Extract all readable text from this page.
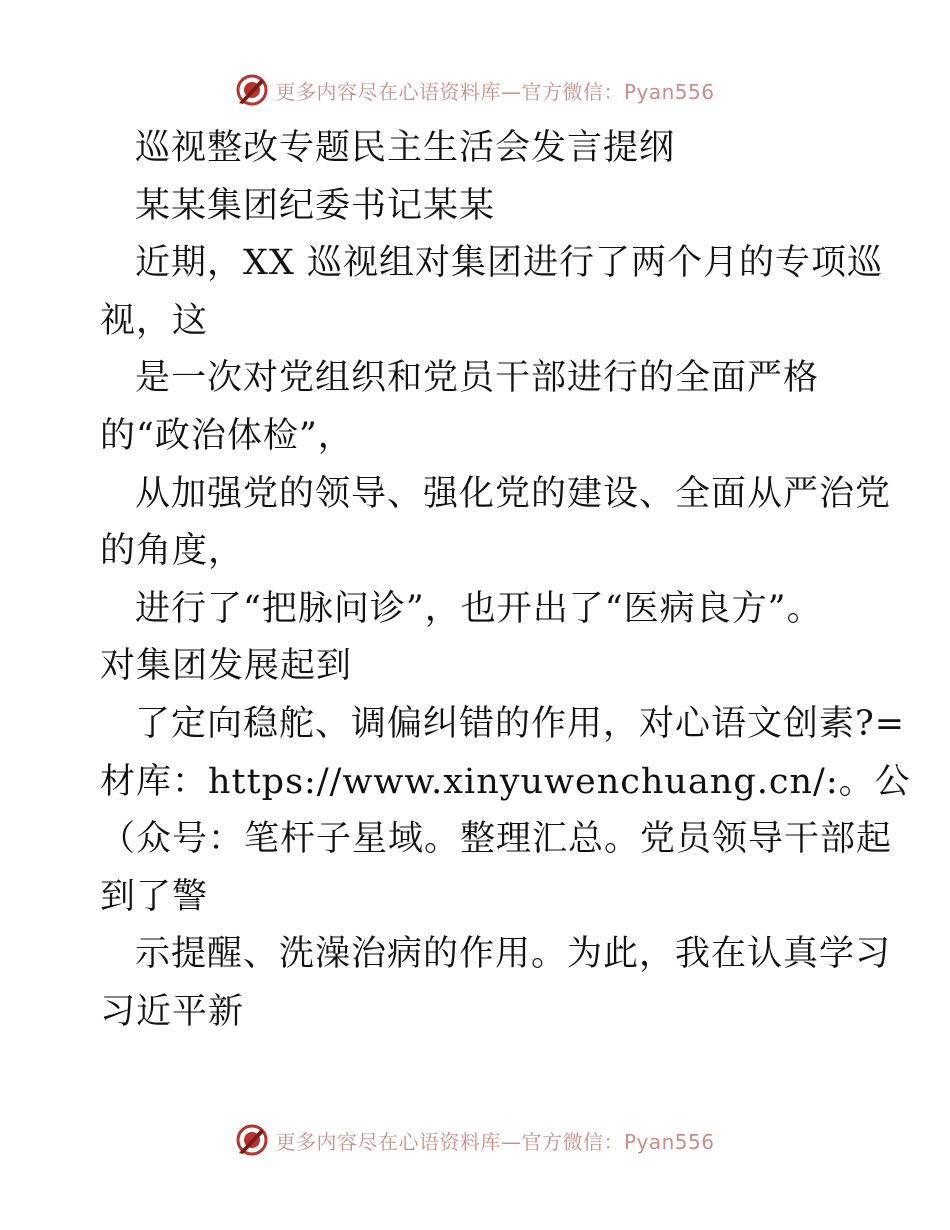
更多内容尽在心语资料库—官方微信：Pyan556
巡视整改专题民主生活会发言提纲
某某集团纪委书记某某
近期，XX 巡视组对集团进行了两个月的专项巡
视，这
是一次对党组织和党员干部进行的全面严格
的“政治体检”，
从加强党的领导、强化党的建设、全面从严治党
的角度，
进行了“把脉问诊”，也开出了“医病良方”。
对集团发展起到
了定向稳舵、调偏纠错的作用，对心语文创素?=
材库：https://www.xinyuwenchuang.cn/:。公
（众号：笔杆子星域。整理汇总。党员领导干部起
到了警
示提醒、洗澡治病的作用。为此，我在认真学习
习近平新
更多内容尽在心语资料库—官方微信：Pyan556
